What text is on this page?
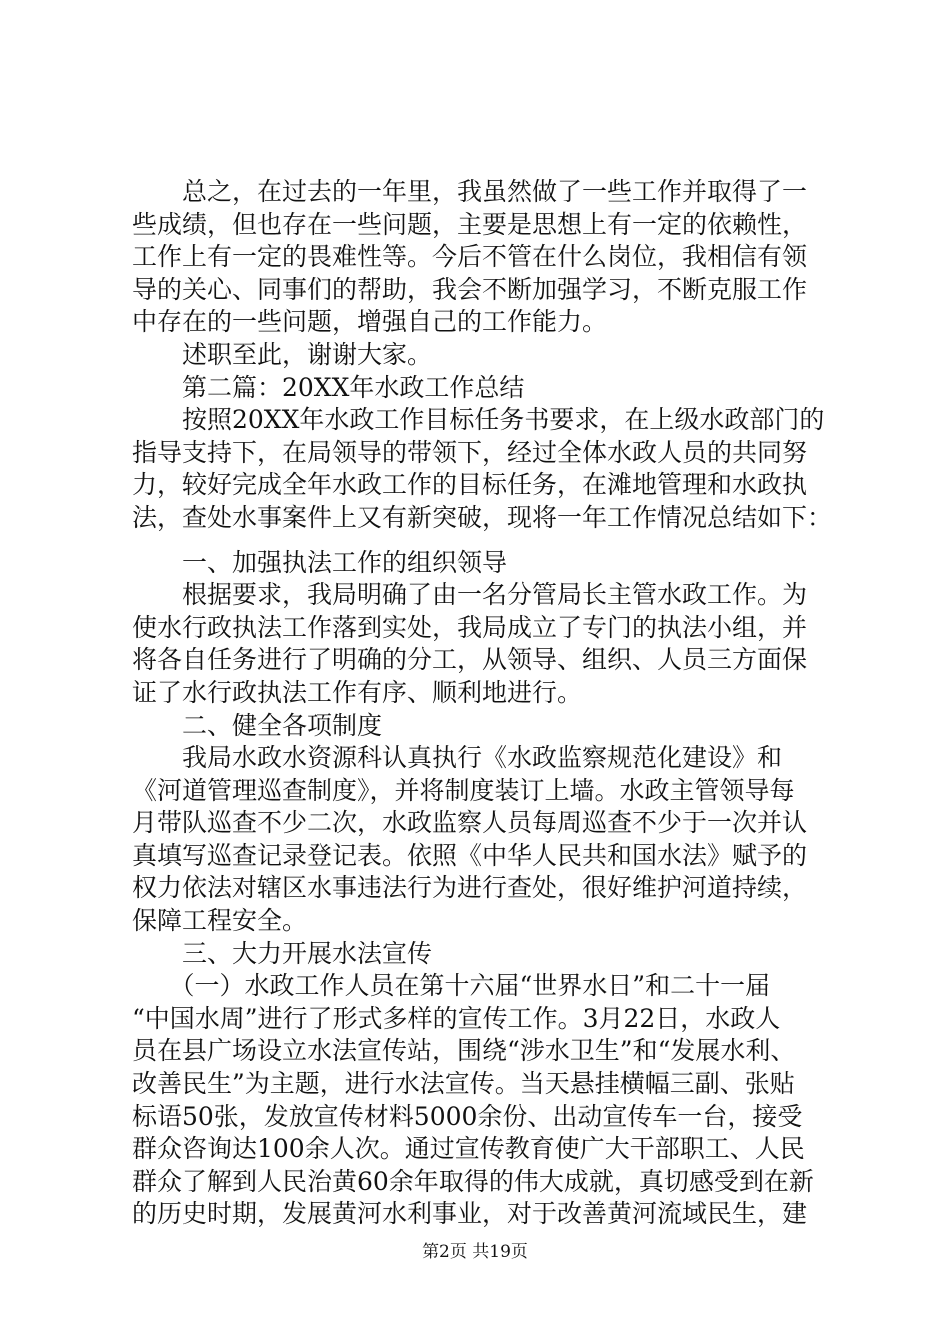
　　总之，在过去的一年里，我虽然做了一些工作并取得了一
些成绩，但也存在一些问题，主要是思想上有一定的依赖性，
工作上有一定的畏难性等。今后不管在什么岗位，我相信有领
导的关心、同事们的帮助，我会不断加强学习，不断克服工作
中存在的一些问题，增强自己的工作能力。
　　述职至此，谢谢大家。
　　第二篇：20XX年水政工作总结
　　按照20XX年水政工作目标任务书要求，在上级水政部门的
指导支持下，在局领导的带领下，经过全体水政人员的共同努
力，较好完成全年水政工作的目标任务，在滩地管理和水政执
法，查处水事案件上又有新突破，现将一年工作情况总结如下：
　　一、加强执法工作的组织领导
　　根据要求，我局明确了由一名分管局长主管水政工作。为
使水行政执法工作落到实处，我局成立了专门的执法小组，并
将各自任务进行了明确的分工，从领导、组织、人员三方面保
证了水行政执法工作有序、顺利地进行。
　　二、健全各项制度
　　我局水政水资源科认真执行《水政监察规范化建设》和
《河道管理巡查制度》，并将制度装订上墙。水政主管领导每
月带队巡查不少二次，水政监察人员每周巡查不少于一次并认
真填写巡查记录登记表。依照《中华人民共和国水法》赋予的
权力依法对辖区水事违法行为进行查处，很好维护河道持续，
保障工程安全。
　　三、大力开展水法宣传
　　（一）水政工作人员在第十六届“世界水日”和二十一届
“中国水周”进行了形式多样的宣传工作。3月22日，水政人
员在县广场设立水法宣传站，围绕“涉水卫生”和“发展水利、
改善民生”为主题，进行水法宣传。当天悬挂横幅三副、张贴
标语50张，发放宣传材料5000余份、出动宣传车一台，接受
群众咨询达100余人次。通过宣传教育使广大干部职工、人民
群众了解到人民治黄60余年取得的伟大成就，真切感受到在新
的历史时期，发展黄河水利事业，对于改善黄河流域民生，建
第2页 共19页
